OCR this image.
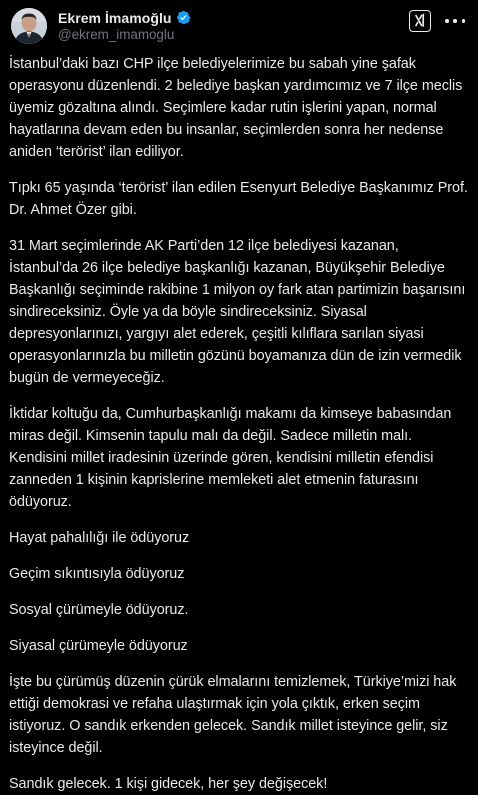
Ekrem İmamoğlu
@ekrem_imamoglu

İstanbul’daki bazı CHP ilçe belediyelerimize bu sabah yine şafak operasyonu düzenlendi. 2 belediye başkan yardımcımız ve 7 ilçe meclis üyemiz gözaltına alındı. Seçimlere kadar rutin işlerini yapan, normal hayatlarına devam eden bu insanlar, seçimlerden sonra her nedense aniden ‘terörist’ ilan ediliyor.

Tıpkı 65 yaşında ‘terörist’ ilan edilen Esenyurt Belediye Başkanımız Prof. Dr. Ahmet Özer gibi.

31 Mart seçimlerinde AK Parti’den 12 ilçe belediyesi kazanan, İstanbul’da 26 ilçe belediye başkanlığı kazanan, Büyükşehir Belediye Başkanlığı seçiminde rakibine 1 milyon oy fark atan partimizin başarısını sindireceksiniz. Öyle ya da böyle sindireceksiniz. Siyasal depresyonlarınızı, yargıyı alet ederek, çeşitli kılıflara sarılan siyasi operasyonlarınızla bu milletin gözünü boyamanıza dün de izin vermedik bugün de vermeyeceğiz.

İktidar koltuğu da, Cumhurbaşkanlığı makamı da kimseye babasından miras değil. Kimsenin tapulu malı da değil. Sadece milletin malı. Kendisini millet iradesinin üzerinde gören, kendisini milletin efendisi zanneden 1 kişinin kaprislerine memleketi alet etmenin faturasını ödüyoruz.

Hayat pahalılığı ile ödüyoruz

Geçim sıkıntısıyla ödüyoruz

Sosyal çürümeyle ödüyoruz.

Siyasal çürümeyle ödüyoruz

İşte bu çürümüş düzenin çürük elmalarını temizlemek, Türkiye’mizi hak ettiği demokrasi ve refaha ulaştırmak için yola çıktık, erken seçim istiyoruz. O sandık erkenden gelecek. Sandık millet isteyince gelir, siz isteyince değil.

Sandık gelecek. 1 kişi gidecek, her şey değişecek!
